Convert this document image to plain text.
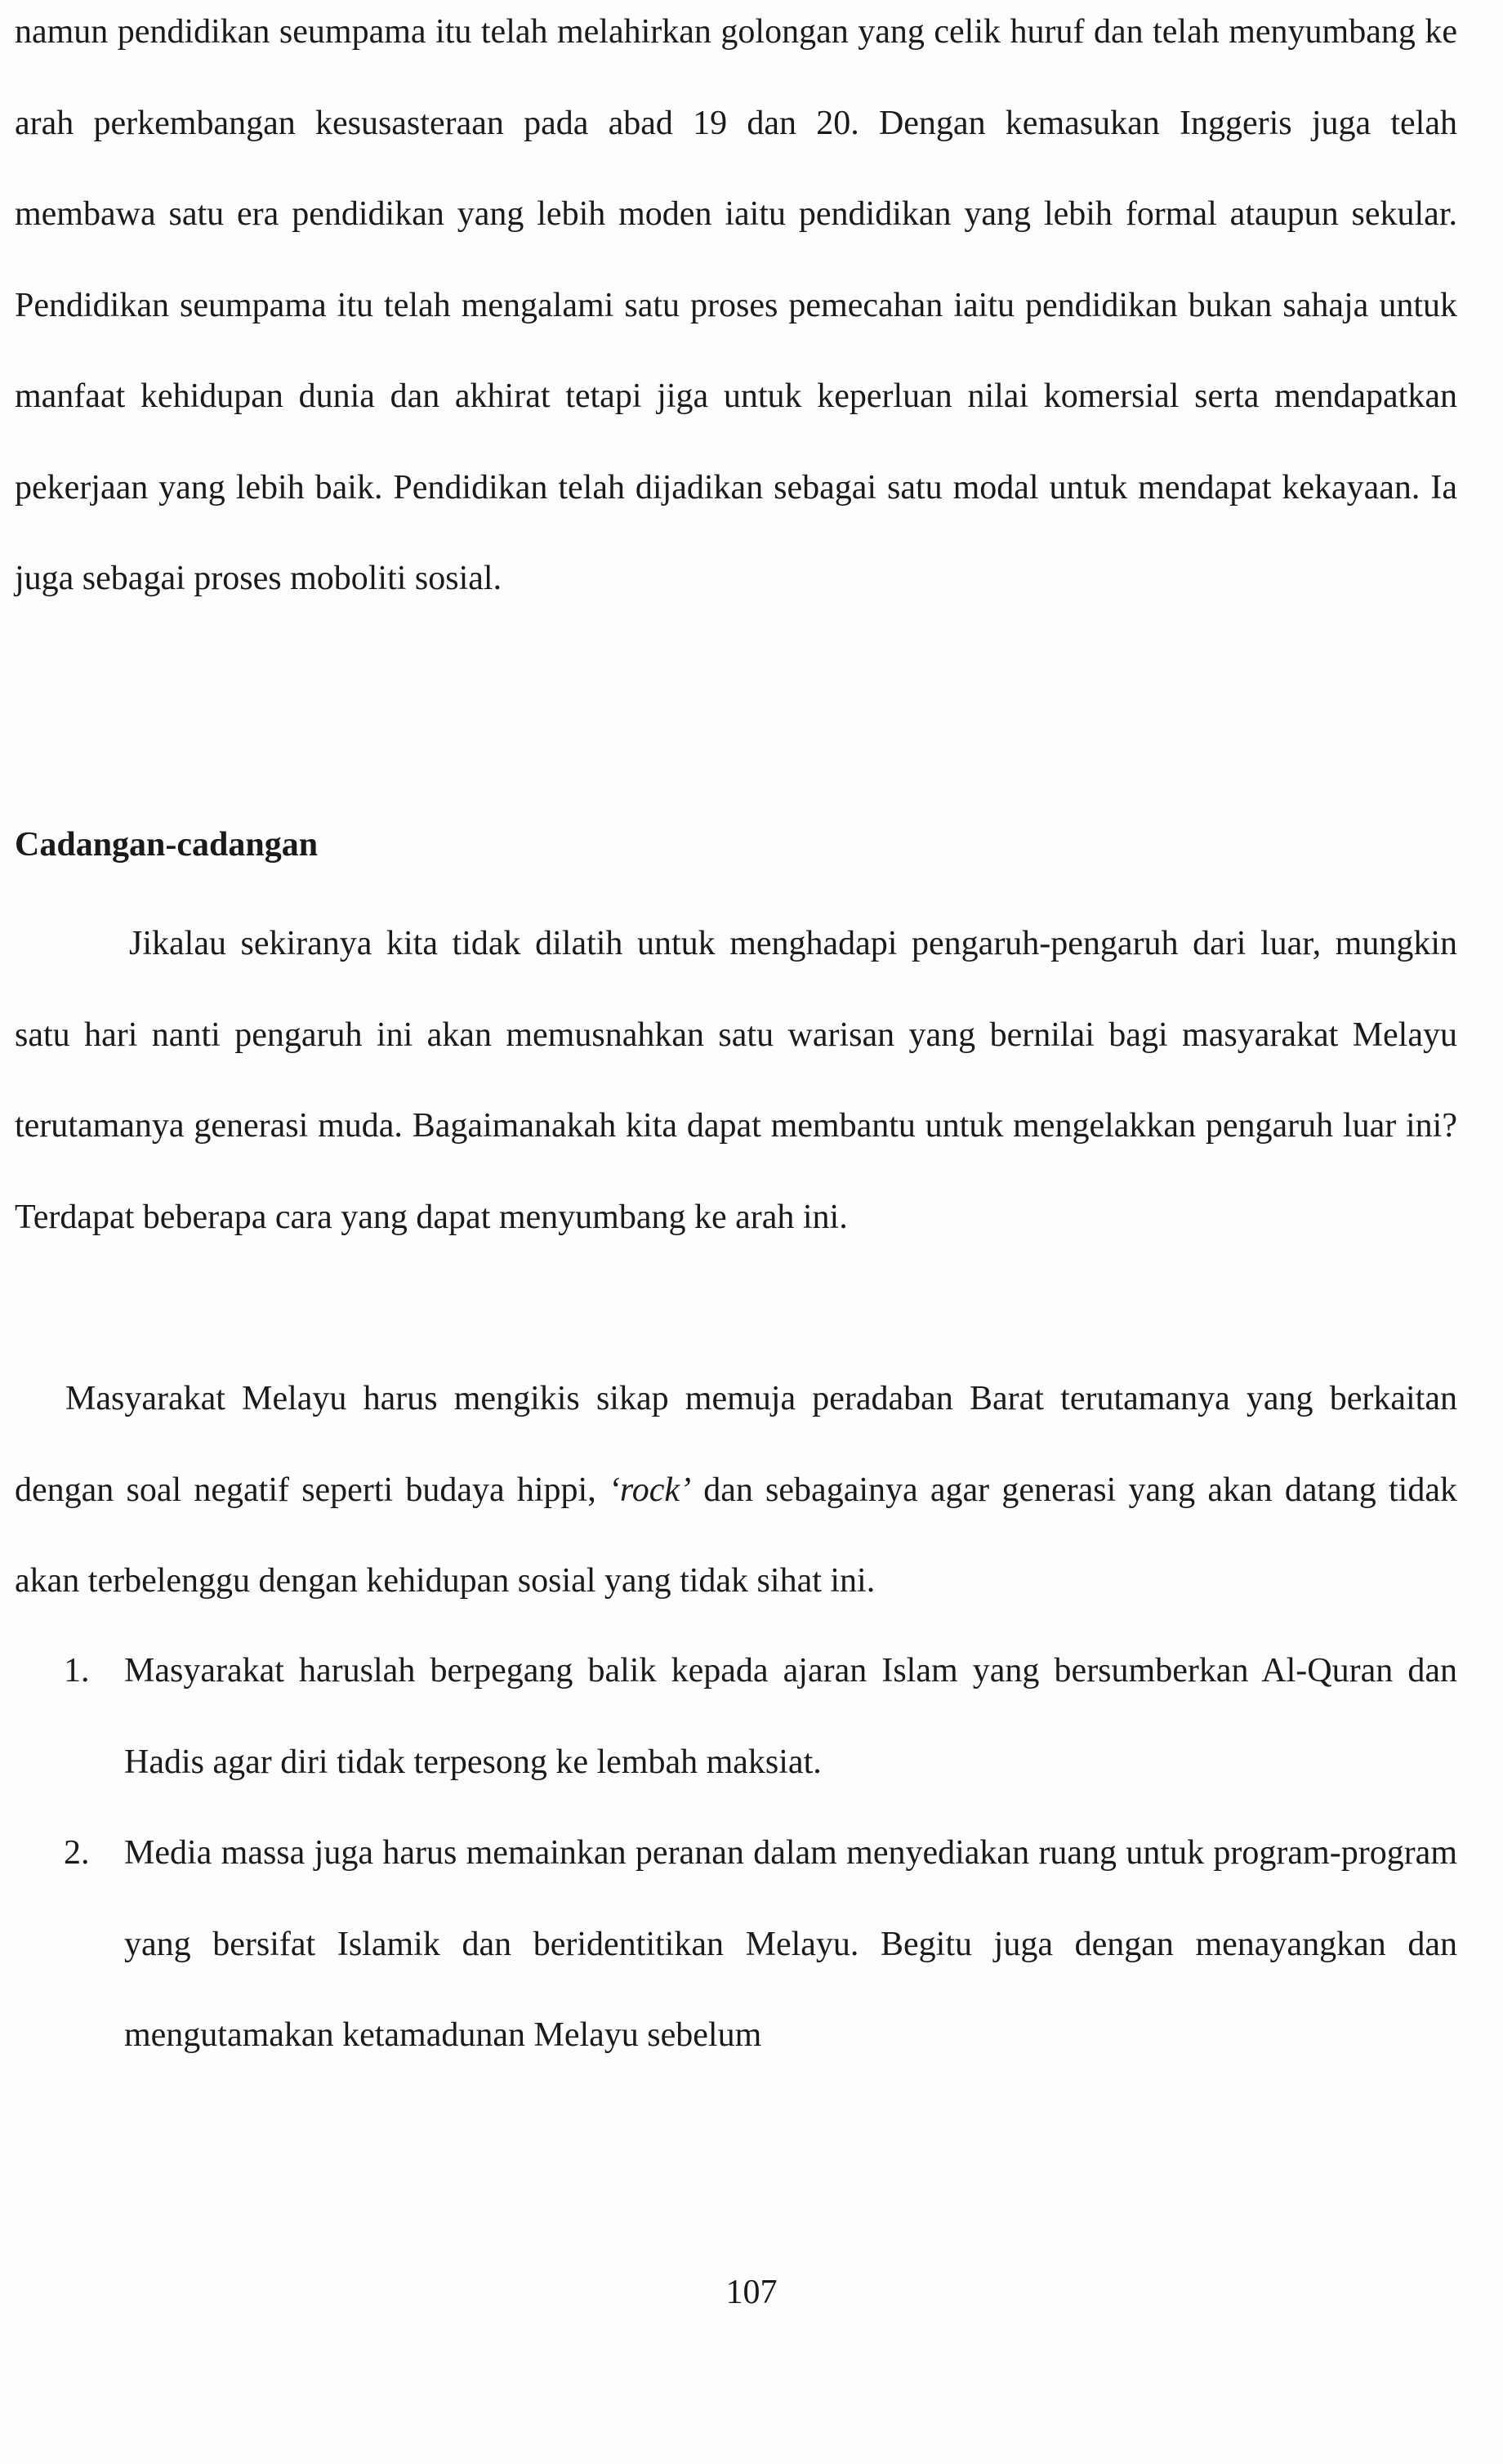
namun pendidikan seumpama itu telah melahirkan golongan yang celik huruf dan telah menyumbang ke arah perkembangan kesusasteraan pada abad 19 dan 20. Dengan kemasukan Inggeris juga telah membawa satu era pendidikan yang lebih moden iaitu pendidikan yang lebih formal ataupun sekular. Pendidikan seumpama itu telah mengalami satu proses pemecahan iaitu pendidikan bukan sahaja untuk manfaat kehidupan dunia dan akhirat tetapi jiga untuk keperluan nilai komersial serta mendapatkan pekerjaan yang lebih baik. Pendidikan telah dijadikan sebagai satu modal untuk mendapat kekayaan. Ia juga sebagai proses moboliti sosial.

Cadangan-cadangan

Jikalau sekiranya kita tidak dilatih untuk menghadapi pengaruh-pengaruh dari luar, mungkin satu hari nanti pengaruh ini akan memusnahkan satu warisan yang bernilai bagi masyarakat Melayu terutamanya generasi muda. Bagaimanakah kita dapat membantu untuk mengelakkan pengaruh luar ini? Terdapat beberapa cara yang dapat menyumbang ke arah ini.

Masyarakat Melayu harus mengikis sikap memuja peradaban Barat terutamanya yang berkaitan dengan soal negatif seperti budaya hippi, ‘rock’ dan sebagainya agar generasi yang akan datang tidak akan terbelenggu dengan kehidupan sosial yang tidak sihat ini.

1. Masyarakat haruslah berpegang balik kepada ajaran Islam yang bersumberkan Al-Quran dan Hadis agar diri tidak terpesong ke lembah maksiat.
2. Media massa juga harus memainkan peranan dalam menyediakan ruang untuk program-program yang bersifat Islamik dan beridentitikan Melayu. Begitu juga dengan menayangkan dan mengutamakan ketamadunan Melayu sebelum
107
